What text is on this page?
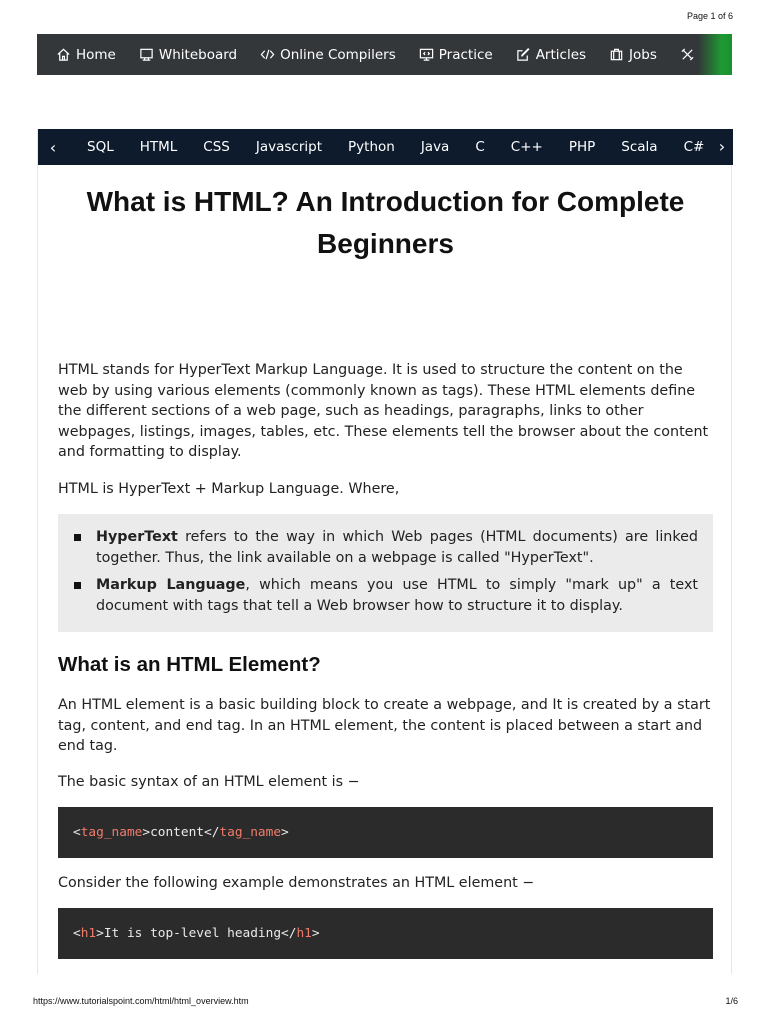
Page 1 of 6
Home	Whiteboard	Online Compilers	Practice	Articles	Jobs
‹	SQL HTML CSS Javascript Python Java C C++ PHP Scala C# ›
What is HTML? An Introduction for Complete Beginners

HTML stands for HyperText Markup Language. It is used to structure the content on the web by using various elements (commonly known as tags). These HTML elements define the different sections of a web page, such as headings, paragraphs, links to other webpages, listings, images, tables, etc. These elements tell the browser about the content and formatting to display.

HTML is HyperText + Markup Language. Where,

HyperText refers to the way in which Web pages (HTML documents) are linked together. Thus, the link available on a webpage is called "HyperText".
Markup Language, which means you use HTML to simply "mark up" a text document with tags that tell a Web browser how to structure it to display.
What is an HTML Element?

An HTML element is a basic building block to create a webpage, and It is created by a start tag, content, and end tag. In an HTML element, the content is placed between a start and end tag.

The basic syntax of an HTML element is −

< tag_name >content</ tag_name >

Consider the following example demonstrates an HTML element −

< h1 >It is top-level heading</ h1 >
https://www.tutorialspoint.com/html/html_overview.htm	1/6
